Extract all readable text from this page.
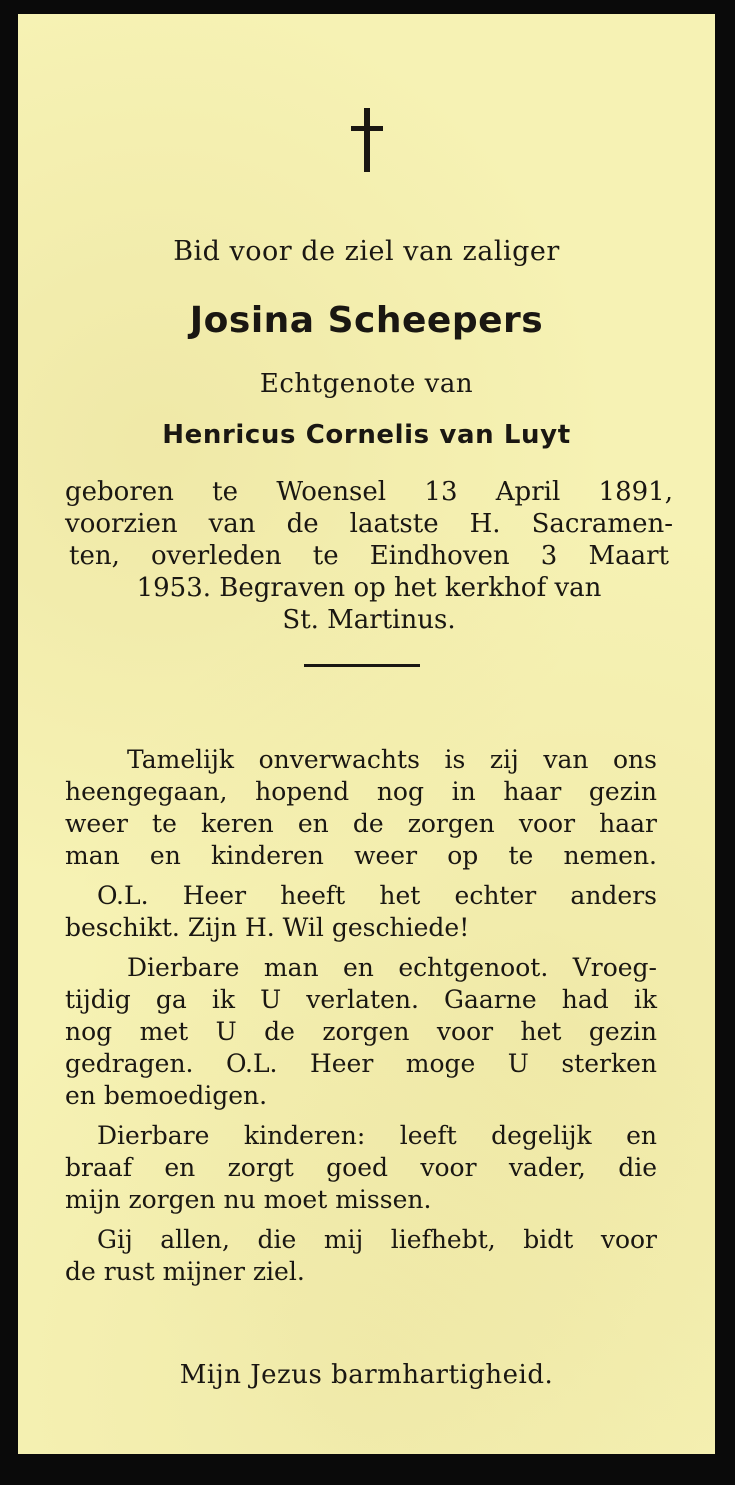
Bid voor de ziel van zaliger
Josina Scheepers
Echtgenote van
Henricus Cornelis van Luyt
geboren te Woensel 13 April 1891,
voorzien van de laatste H. Sacramen-
ten, overleden te Eindhoven 3 Maart
1953. Begraven op het kerkhof van
St. Martinus.
Tamelijk onverwachts is zij van ons
heengegaan, hopend nog in haar gezin
weer te keren en de zorgen voor haar
man en kinderen weer op te nemen.
O.L. Heer heeft het echter anders
beschikt. Zijn H. Wil geschiede!
Dierbare man en echtgenoot. Vroeg-
tijdig ga ik U verlaten. Gaarne had ik
nog met U de zorgen voor het gezin
gedragen. O.L. Heer moge U sterken
en bemoedigen.
Dierbare kinderen: leeft degelijk en
braaf en zorgt goed voor vader, die
mijn zorgen nu moet missen.
Gij allen, die mij liefhebt, bidt voor
de rust mijner ziel.
Mijn Jezus barmhartigheid.
